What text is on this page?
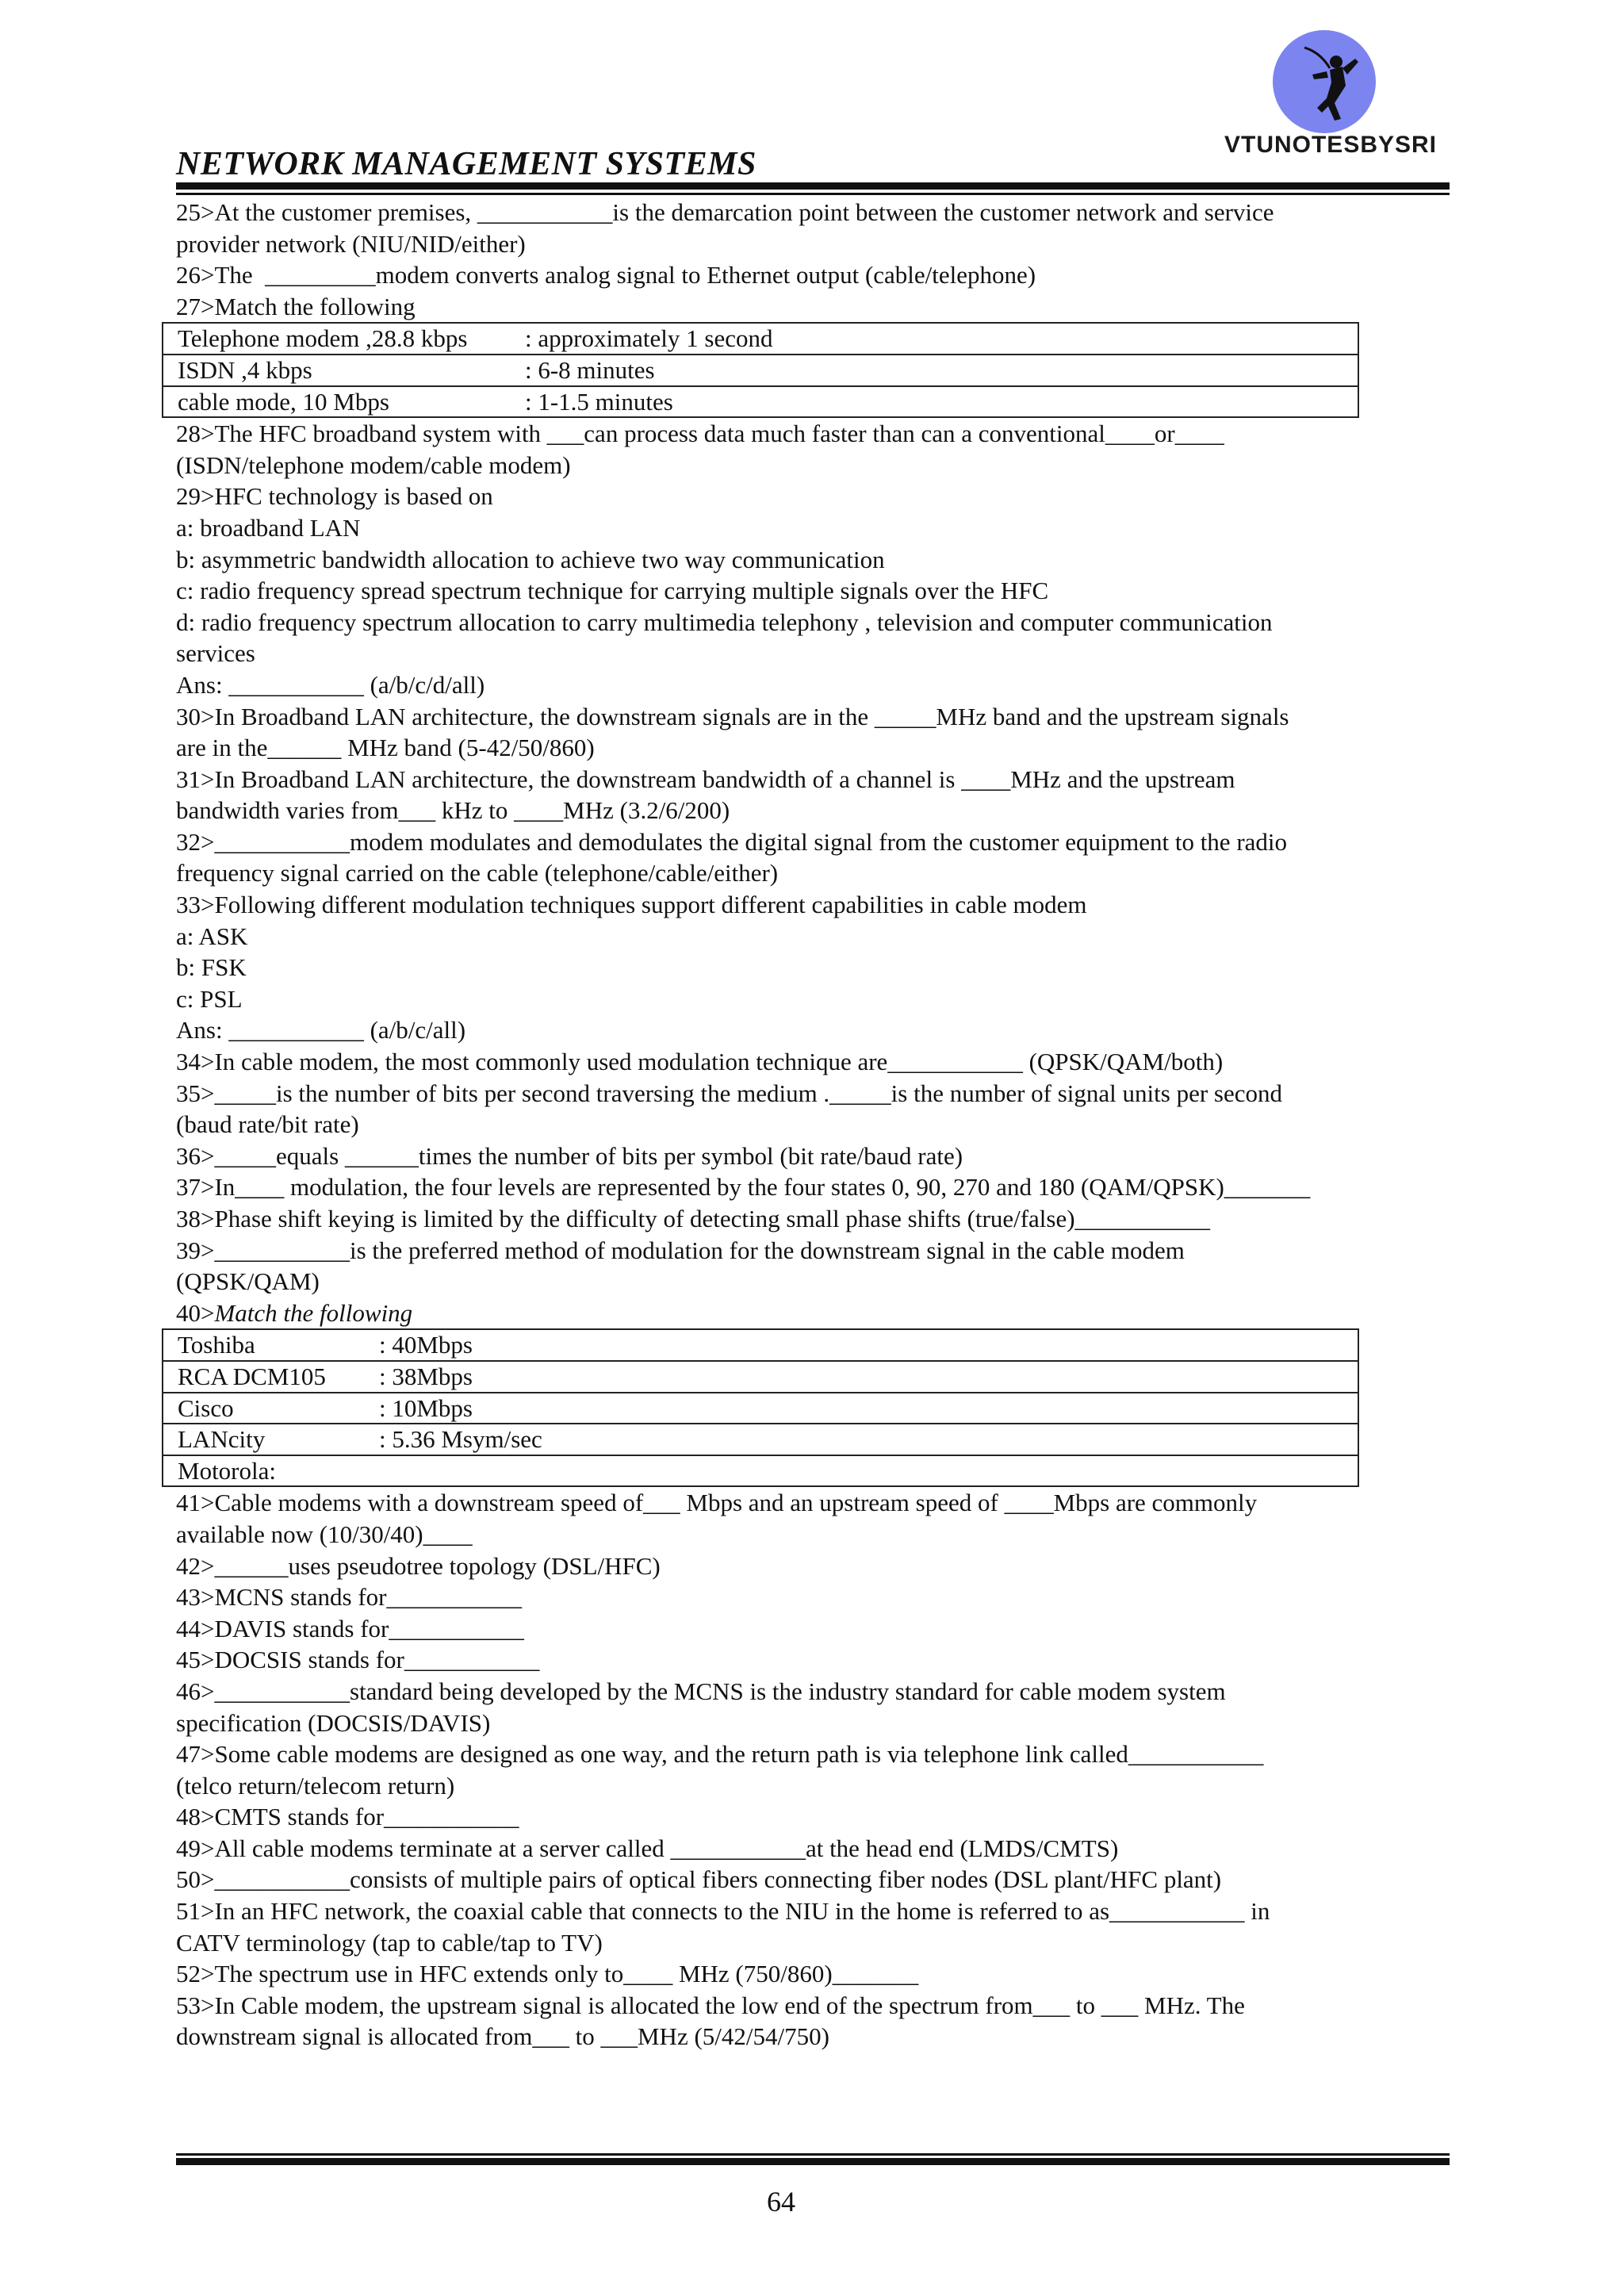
VTUNOTESBYSRI
NETWORK MANAGEMENT SYSTEMS
25>At the customer premises, ___________is the demarcation point between the customer network and service
provider network (NIU/NID/either)
26>The  _________modem converts analog signal to Ethernet output (cable/telephone)
27>Match the following
Telephone modem ,28.8 kbps : approximately 1 second
ISDN ,4 kbps	: 6-8 minutes
cable mode, 10 Mbps	: 1-1.5 minutes
28>The HFC broadband system with ___can process data much faster than can a conventional____or____
(ISDN/telephone modem/cable modem)
29>HFC technology is based on
a: broadband LAN
b: asymmetric bandwidth allocation to achieve two way communication
c: radio frequency spread spectrum technique for carrying multiple signals over the HFC
d: radio frequency spectrum allocation to carry multimedia telephony , television and computer communication
services
Ans: ___________ (a/b/c/d/all)
30>In Broadband LAN architecture, the downstream signals are in the _____MHz band and the upstream signals
are in the______ MHz band (5-42/50/860)
31>In Broadband LAN architecture, the downstream bandwidth of a channel is ____MHz and the upstream
bandwidth varies from___ kHz to ____MHz (3.2/6/200)
32>___________modem modulates and demodulates the digital signal from the customer equipment to the radio
frequency signal carried on the cable (telephone/cable/either)
33>Following different modulation techniques support different capabilities in cable modem
a: ASK
b: FSK
c: PSL
Ans: ___________ (a/b/c/all)
34>In cable modem, the most commonly used modulation technique are___________ (QPSK/QAM/both)
35>_____is the number of bits per second traversing the medium ._____is the number of signal units per second
(baud rate/bit rate)
36>_____equals ______times the number of bits per symbol (bit rate/baud rate)
37>In____ modulation, the four levels are represented by the four states 0, 90, 270 and 180 (QAM/QPSK)_______
38>Phase shift keying is limited by the difficulty of detecting small phase shifts (true/false)___________
39>___________is the preferred method of modulation for the downstream signal in the cable modem
(QPSK/QAM)
40>Match the following
Toshiba	: 40Mbps
RCA DCM105 : 38Mbps
Cisco	: 10Mbps
LANcity	: 5.36 Msym/sec
Motorola:
41>Cable modems with a downstream speed of___ Mbps and an upstream speed of ____Mbps are commonly
available now (10/30/40)____
42>______uses pseudotree topology (DSL/HFC)
43>MCNS stands for___________
44>DAVIS stands for___________
45>DOCSIS stands for___________
46>___________standard being developed by the MCNS is the industry standard for cable modem system
specification (DOCSIS/DAVIS)
47>Some cable modems are designed as one way, and the return path is via telephone link called___________
(telco return/telecom return)
48>CMTS stands for___________
49>All cable modems terminate at a server called ___________at the head end (LMDS/CMTS)
50>___________consists of multiple pairs of optical fibers connecting fiber nodes (DSL plant/HFC plant)
51>In an HFC network, the coaxial cable that connects to the NIU in the home is referred to as___________ in
CATV terminology (tap to cable/tap to TV)
52>The spectrum use in HFC extends only to____ MHz (750/860)_______
53>In Cable modem, the upstream signal is allocated the low end of the spectrum from___ to ___ MHz. The
downstream signal is allocated from___ to ___MHz (5/42/54/750)
64
